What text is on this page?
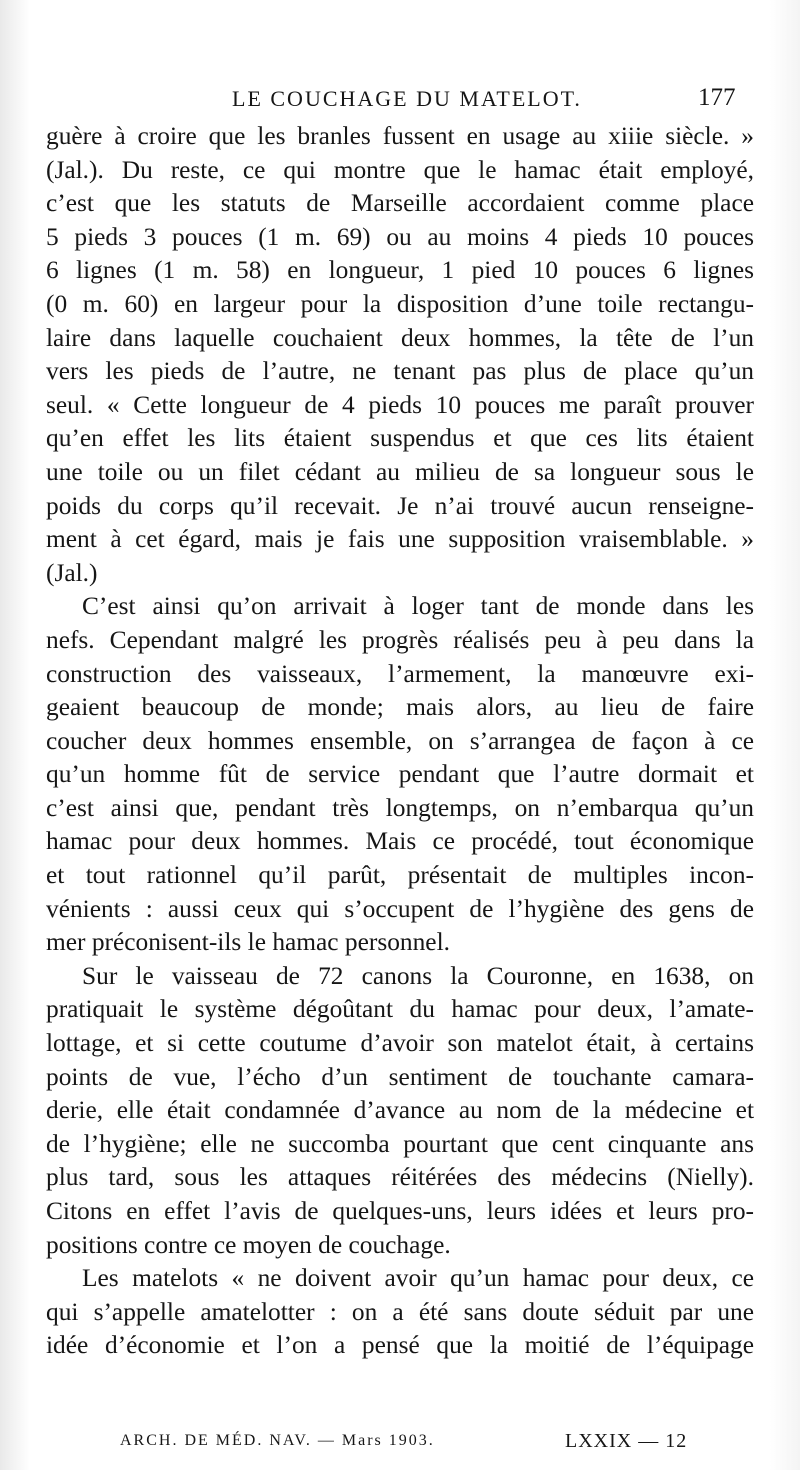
LE COUCHAGE DU MATELOT.	177
guère à croire que les branles fussent en usage au xiiie siècle. »
(Jal.). Du reste, ce qui montre que le hamac était employé,
c’est que les statuts de Marseille accordaient comme place
5 pieds 3 pouces (1 m. 69) ou au moins 4 pieds 10 pouces
6 lignes (1 m. 58) en longueur, 1 pied 10 pouces 6 lignes
(0 m. 60) en largeur pour la disposition d’une toile rectangu-
laire dans laquelle couchaient deux hommes, la tête de l’un
vers les pieds de l’autre, ne tenant pas plus de place qu’un
seul. « Cette longueur de 4 pieds 10 pouces me paraît prouver
qu’en effet les lits étaient suspendus et que ces lits étaient
une toile ou un filet cédant au milieu de sa longueur sous le
poids du corps qu’il recevait. Je n’ai trouvé aucun renseigne-
ment à cet égard, mais je fais une supposition vraisemblable. »
(Jal.)
C’est ainsi qu’on arrivait à loger tant de monde dans les
nefs. Cependant malgré les progrès réalisés peu à peu dans la
construction des vaisseaux, l’armement, la manœuvre exi-
geaient beaucoup de monde; mais alors, au lieu de faire
coucher deux hommes ensemble, on s’arrangea de façon à ce
qu’un homme fût de service pendant que l’autre dormait et
c’est ainsi que, pendant très longtemps, on n’embarqua qu’un
hamac pour deux hommes. Mais ce procédé, tout économique
et tout rationnel qu’il parût, présentait de multiples incon-
vénients : aussi ceux qui s’occupent de l’hygiène des gens de
mer préconisent-ils le hamac personnel.
Sur le vaisseau de 72 canons la Couronne, en 1638, on
pratiquait le système dégoûtant du hamac pour deux, l’amate-
lottage, et si cette coutume d’avoir son matelot était, à certains
points de vue, l’écho d’un sentiment de touchante camara-
derie, elle était condamnée d’avance au nom de la médecine et
de l’hygiène; elle ne succomba pourtant que cent cinquante ans
plus tard, sous les attaques réitérées des médecins (Nielly).
Citons en effet l’avis de quelques-uns, leurs idées et leurs pro-
positions contre ce moyen de couchage.
Les matelots « ne doivent avoir qu’un hamac pour deux, ce
qui s’appelle amatelotter : on a été sans doute séduit par une
idée d’économie et l’on a pensé que la moitié de l’équipage
ARCH. DE MÉD. NAV. — Mars 1903.	LXXIX — 12
